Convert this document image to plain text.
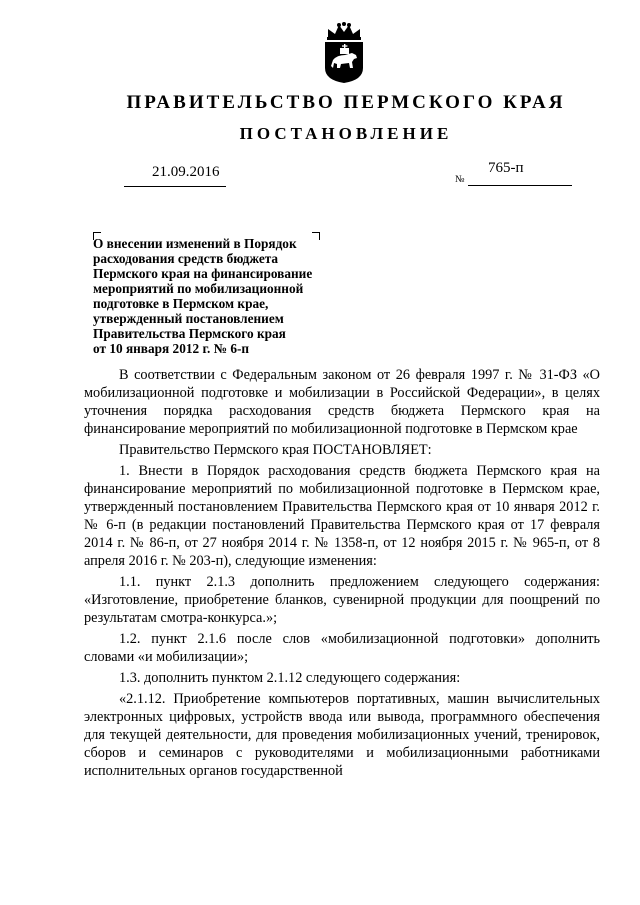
ПРАВИТЕЛЬСТВО ПЕРМСКОГО КРАЯ
ПОСТАНОВЛЕНИЕ
21.09.2016	№
765-п
О внесении изменений в Порядок
расходования средств бюджета
Пермского края на финансирование
мероприятий по мобилизационной
подготовке в Пермском крае,
утвержденный постановлением
Правительства Пермского края
от 10 января 2012 г. № 6-п

В соответствии с Федеральным законом от 26 февраля 1997 г. № 31-ФЗ «О мобилизационной подготовке и мобилизации в Российской Федерации», в целях уточнения порядка расходования средств бюджета Пермского края на финансирование мероприятий по мобилизационной подготовке в Пермском крае

Правительство Пермского края ПОСТАНОВЛЯЕТ:

1. Внести в Порядок расходования средств бюджета Пермского края на финансирование мероприятий по мобилизационной подготовке в Пермском крае, утвержденный постановлением Правительства Пермского края от 10 января 2012 г. № 6-п (в редакции постановлений Правительства Пермского края от 17 февраля 2014 г. № 86-п, от 27 ноября 2014 г. № 1358-п, от 12 ноября 2015 г. № 965-п, от 8 апреля 2016 г. № 203-п), следующие изменения:

1.1. пункт 2.1.3 дополнить предложением следующего содержания: «Изготовление, приобретение бланков, сувенирной продукции для поощрений по результатам смотра-конкурса.»;

1.2. пункт 2.1.6 после слов «мобилизационной подготовки» дополнить словами «и мобилизации»;

1.3. дополнить пунктом 2.1.12 следующего содержания:

«2.1.12. Приобретение компьютеров портативных, машин вычислительных электронных цифровых, устройств ввода или вывода, программного обеспечения для текущей деятельности, для проведения мобилизационных учений, тренировок, сборов и семинаров с руководителями и мобилизационными работниками исполнительных органов государственной
